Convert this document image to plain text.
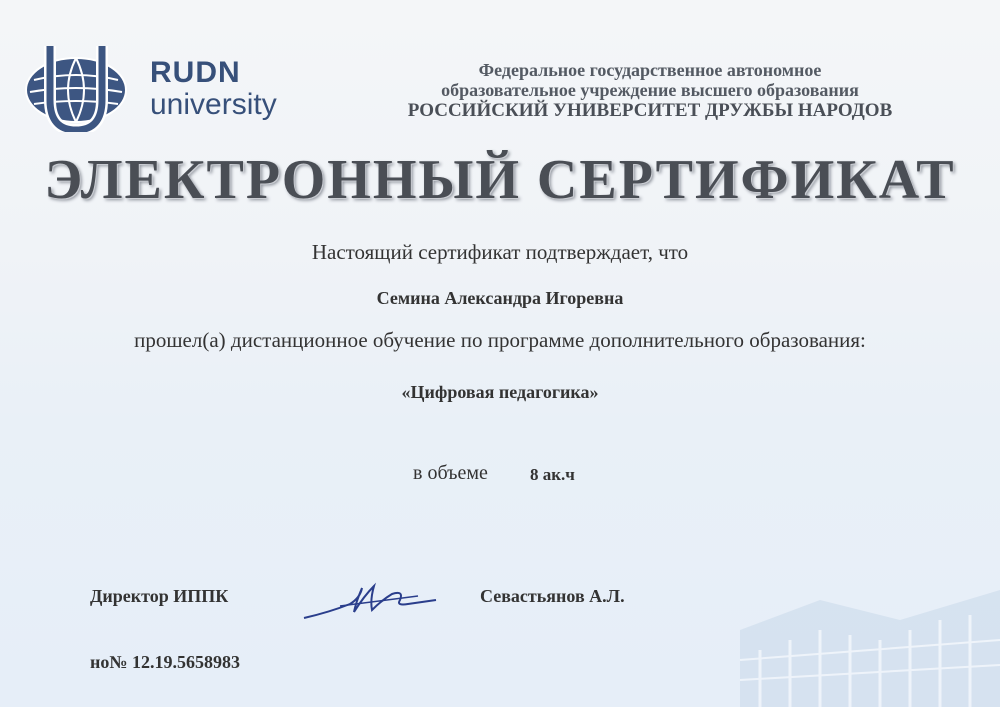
RUDN
university
Федеральное государственное автономное
образовательное учреждение высшего образования
РОССИЙСКИЙ УНИВЕРСИТЕТ ДРУЖБЫ НАРОДОВ
ЭЛЕКТРОННЫЙ СЕРТИФИКАТ
Настоящий сертификат подтверждает, что
Семина Александра Игоревна
прошел(а) дистанционное обучение по программе дополнительного образования:
«Цифровая педагогика»
в объеме 8 ак.ч
Директор ИППК	Севастьянов А.Л.
но№ 12.19.5658983
